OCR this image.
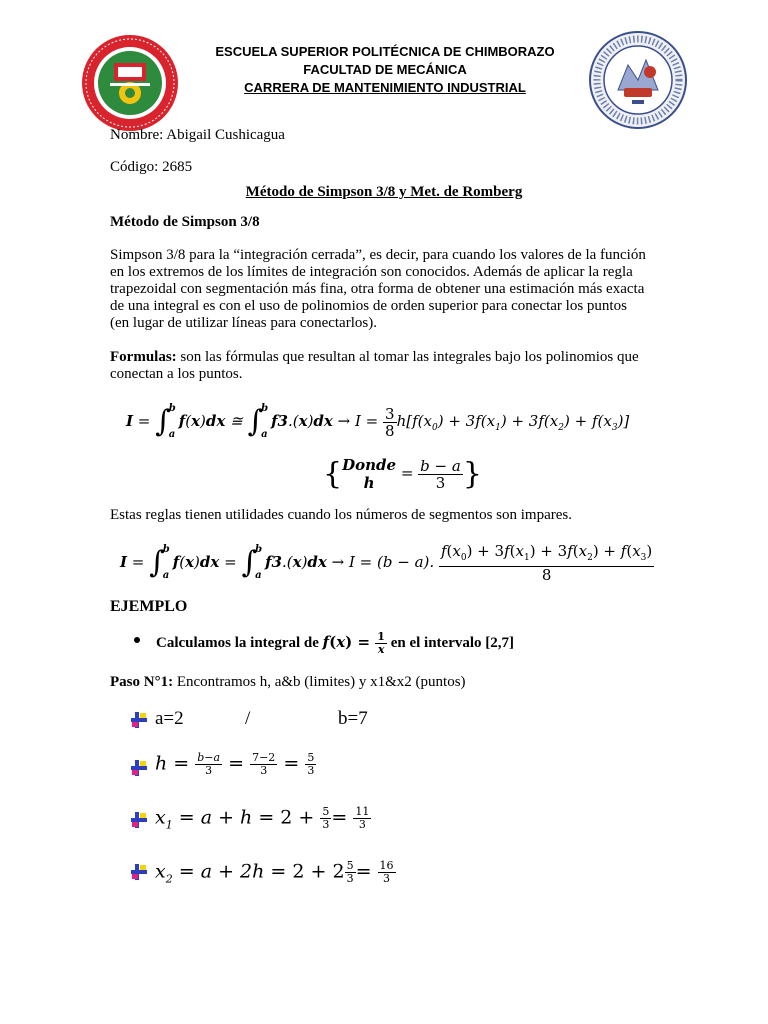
ESCUELA SUPERIOR POLITÉCNICA DE CHIMBORAZO
FACULTAD DE MECÁNICA
CARRERA DE MANTENIMIENTO INDUSTRIAL
Nombre: Abigail Cushicagua
Código: 2685
Método de Simpson 3/8 y Met. de Romberg
Método de Simpson 3/8
Simpson 3/8 para la “integración cerrada”, es decir, para cuando los valores de la función
en los extremos de los límites de integración son conocidos. Además de aplicar la regla
trapezoidal con segmentación más fina, otra forma de obtener una estimación más exacta
de una integral es con el uso de polinomios de orden superior para conectar los puntos
(en lugar de utilizar líneas para conectarlos).
Formulas: son las fórmulas que resultan al tomar las integrales bajo los polinomios que
conectan a los puntos.
I = ∫
b
a
f(x)dx ≅ ∫
b
a
$f3.(x)dx \to I = \frac{3}{8} h[f(x_0) + 3f(x_1) + 3f(x_2) + f(x_3)]$
{ Donde
h
= $\frac{b - a}{3}$ }
Estas reglas tienen utilidades cuando los números de segmentos son impares.
I = ∫
b
a
f(x)dx = ∫
b
a
f3.(x)dx → I = (b − a). $\frac{f(x_0) + 3f(x_1) + 3f(x_2) + f(x_3)}{8}$
EJEMPLO
Calculamos la integral de $f(x) = \frac{1}{x}$ en el intervalo [2,7]
Paso N°1: Encontramos h, a&b (limites) y x1&x2 (puntos)
a=2	/	b=7
$h = \frac{b-a}{3} = \frac{7-2}{3} = \frac{5}{3}$
$x_1 = a + h = 2 + \frac{5}{3} = \frac{11}{3}$
$x_2 = a + 2h = 2 + 2 \frac{5}{3} = \frac{16}{3}$
